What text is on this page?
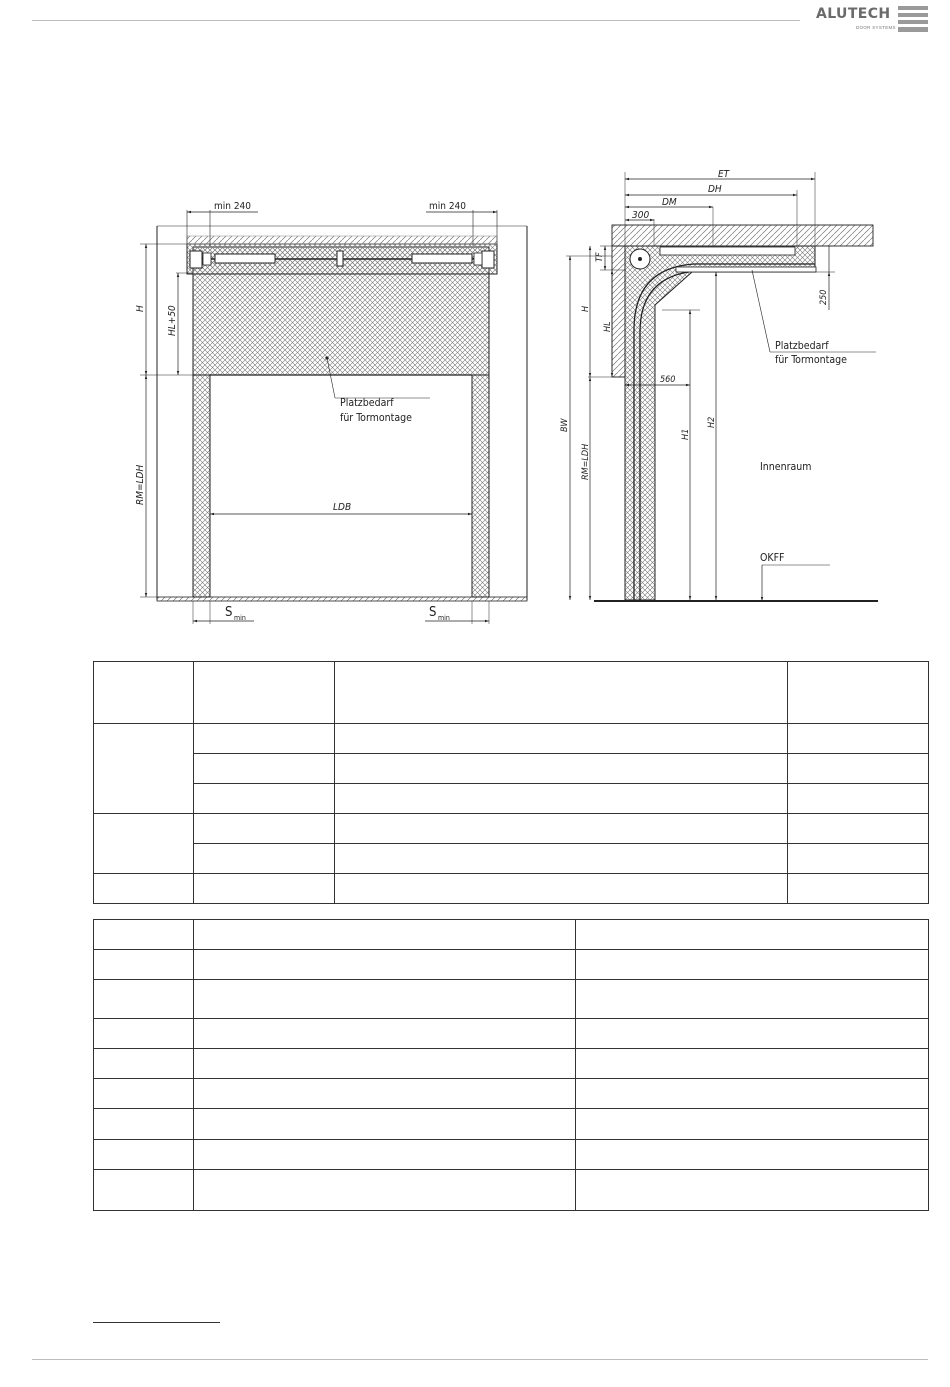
ALUTECH
DOOR SYSTEMS
min 240	min 240
H HL+50
RM=LDH
LDB
S min	S min
Platzbedarf
für Tormontage
ET
DH
DM
300
TF
250
H
HL
BW
RM=LDH
560
H1
H2
Platzbedarf
für Tormontage
Innenraum
OKFF
